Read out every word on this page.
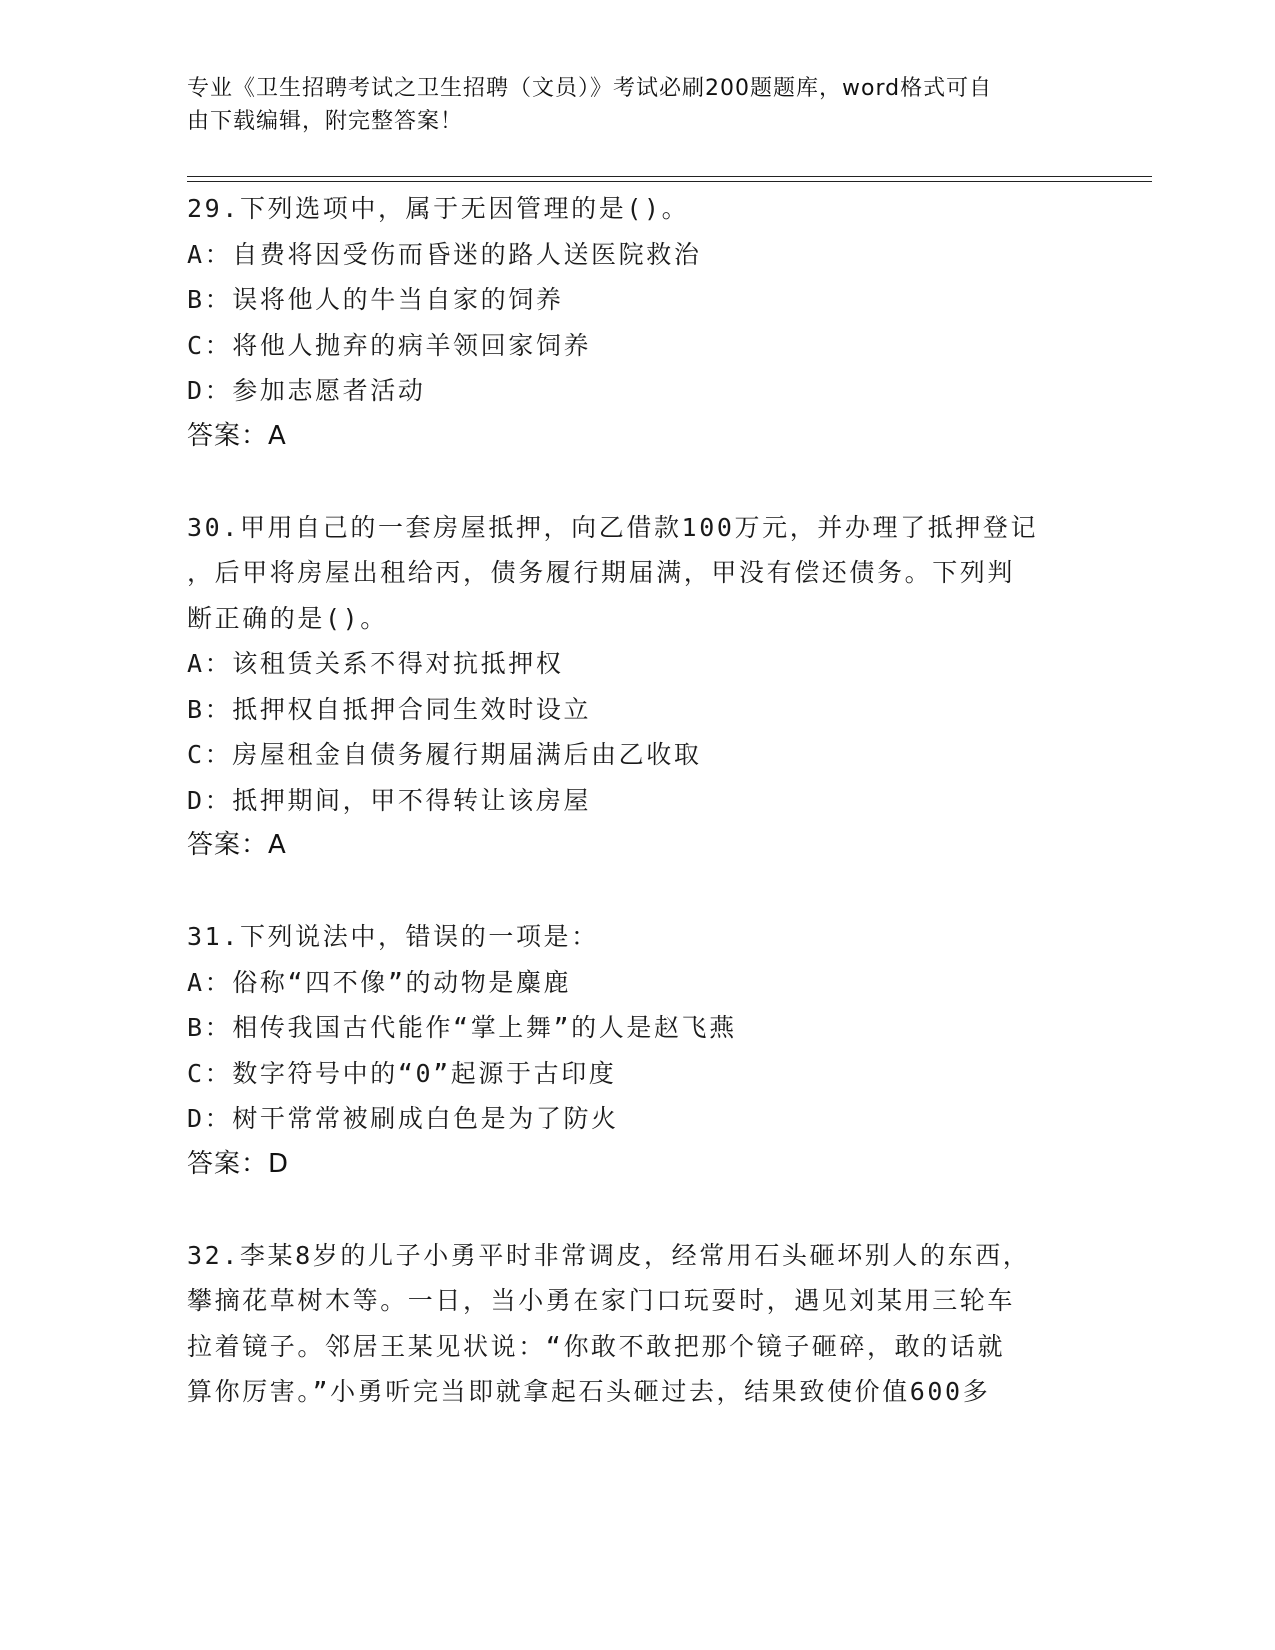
专业《卫生招聘考试之卫生招聘（文员）》考试必刷200题题库，word格式可自
由下载编辑，附完整答案！
29.下列选项中，属于无因管理的是()。
A：自费将因受伤而昏迷的路人送医院救治
B：误将他人的牛当自家的饲养
C：将他人抛弃的病羊领回家饲养
D：参加志愿者活动
答案：A
30.甲用自己的一套房屋抵押，向乙借款100万元，并办理了抵押登记
，后甲将房屋出租给丙，债务履行期届满，甲没有偿还债务。下列判
断正确的是()。
A：该租赁关系不得对抗抵押权
B：抵押权自抵押合同生效时设立
C：房屋租金自债务履行期届满后由乙收取
D：抵押期间，甲不得转让该房屋
答案：A
31.下列说法中，错误的一项是：
A：俗称“四不像”的动物是麋鹿
B：相传我国古代能作“掌上舞”的人是赵飞燕
C：数字符号中的“0”起源于古印度
D：树干常常被刷成白色是为了防火
答案：D
32.李某8岁的儿子小勇平时非常调皮，经常用石头砸坏别人的东西，
攀摘花草树木等。一日，当小勇在家门口玩耍时，遇见刘某用三轮车
拉着镜子。邻居王某见状说：“你敢不敢把那个镜子砸碎，敢的话就
算你厉害。”小勇听完当即就拿起石头砸过去，结果致使价值600多
